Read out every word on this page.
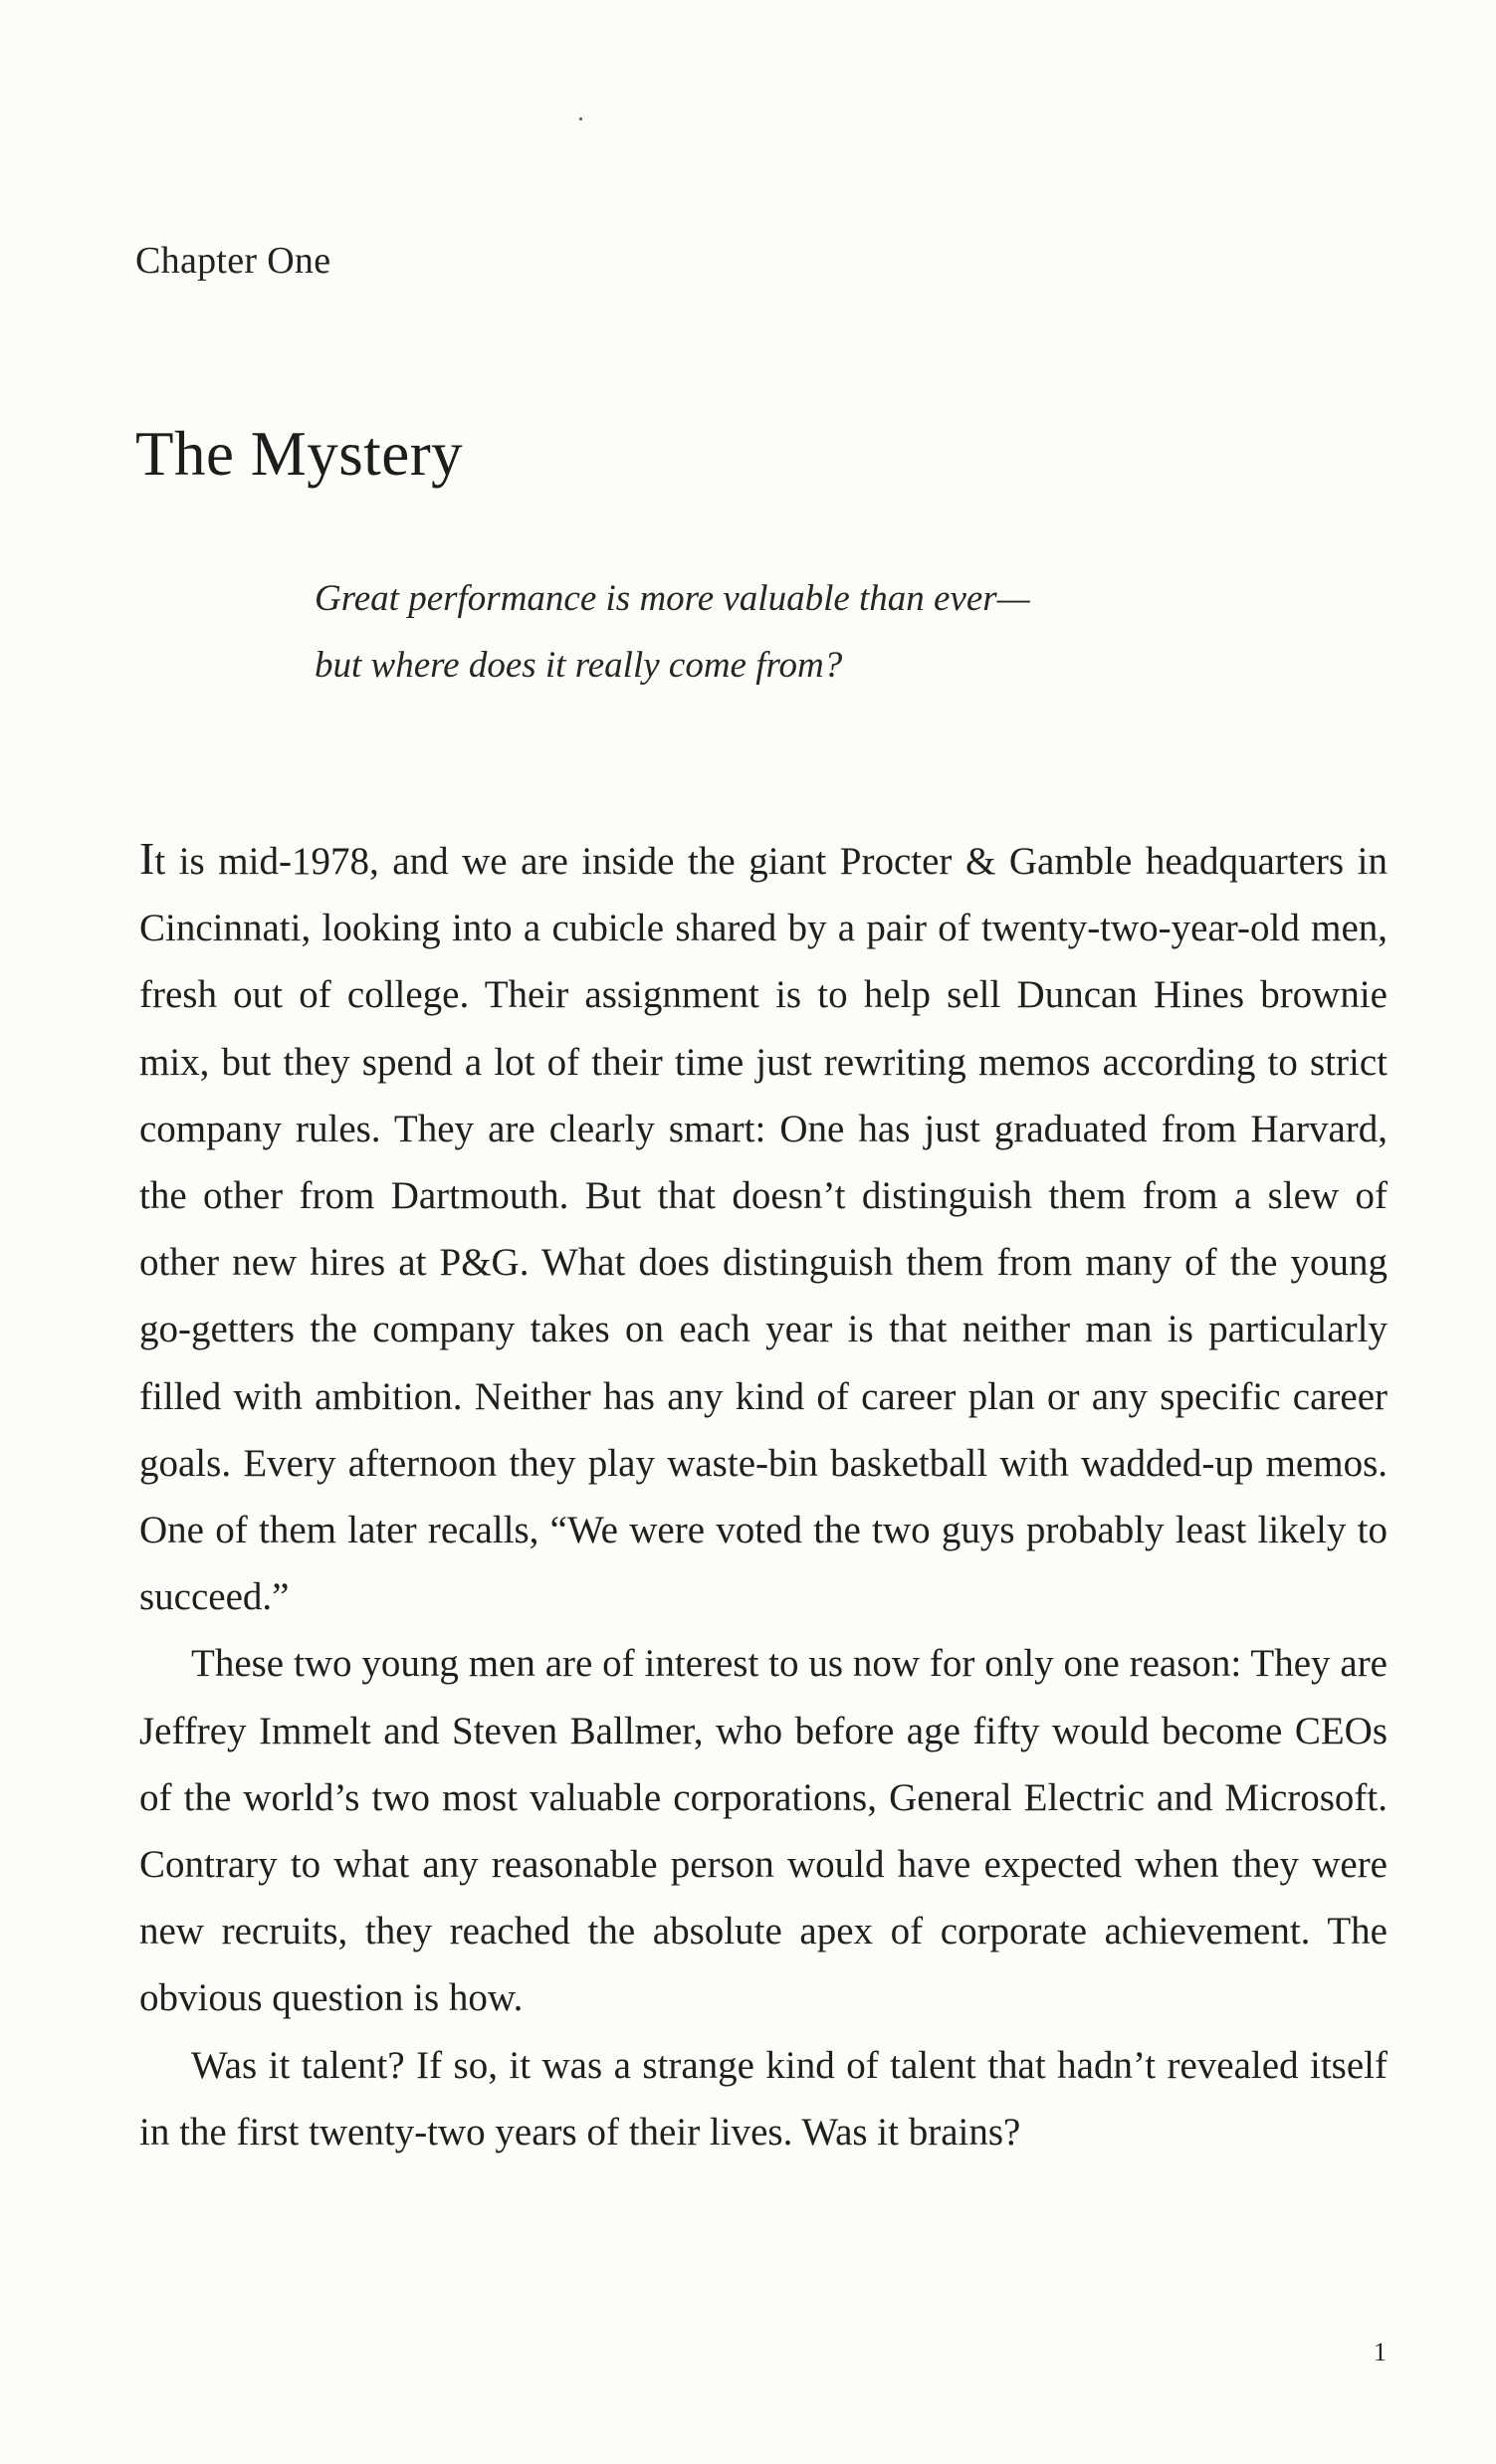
Chapter One
The Mystery
Great performance is more valuable than ever—
but where does it really come from?

It is mid-1978, and we are inside the giant Procter & Gamble headquarters in Cincinnati, looking into a cubicle shared by a pair of twenty-two-year-old men, fresh out of college. Their assignment is to help sell Duncan Hines brownie mix, but they spend a lot of their time just rewriting memos according to strict company rules. They are clearly smart: One has just graduated from Harvard, the other from Dartmouth. But that doesn’t distinguish them from a slew of other new hires at P&G. What does distinguish them from many of the young go-getters the company takes on each year is that neither man is particularly filled with ambition. Neither has any kind of career plan or any specific career goals. Every afternoon they play waste-bin basketball with wadded-up memos. One of them later recalls, “We were voted the two guys probably least likely to succeed.”

These two young men are of interest to us now for only one reason: They are Jeffrey Immelt and Steven Ballmer, who before age fifty would become CEOs of the world’s two most valuable corporations, General Electric and Microsoft. Contrary to what any reasonable person would have expected when they were new recruits, they reached the absolute apex of corporate achievement. The obvious question is how.

Was it talent? If so, it was a strange kind of talent that hadn’t revealed itself in the first twenty-two years of their lives. Was it brains?

1
